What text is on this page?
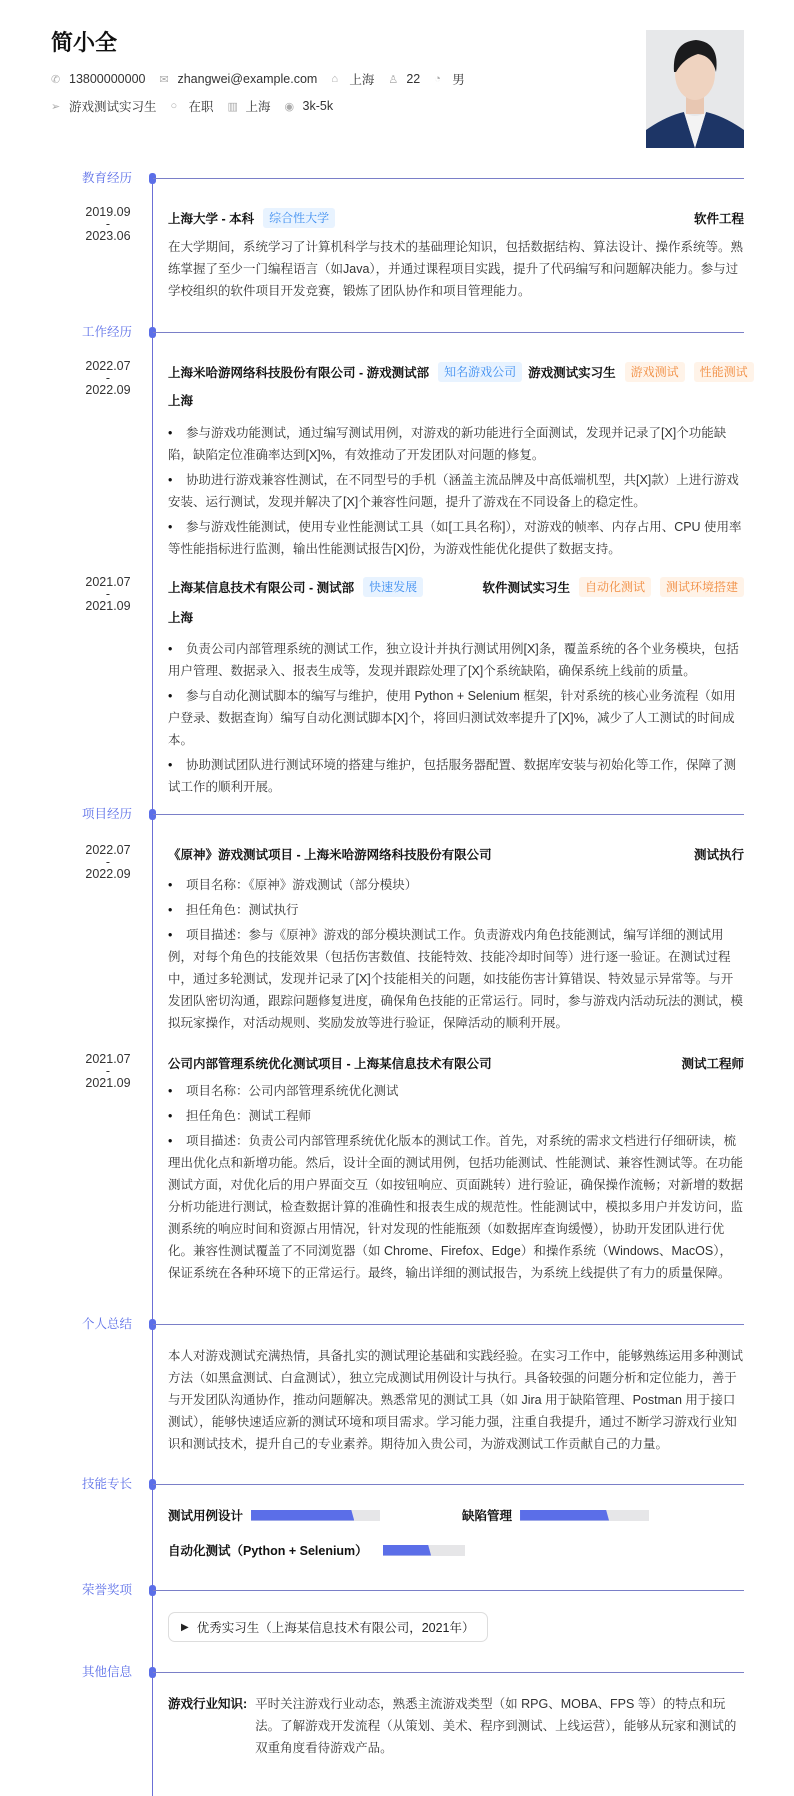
简小全
✆ 13800000000 ✉ zhangwei@example.com ⌂ 上海 ♙ 22 ◔ 男
➢ 游戏测试实习生 ○ 在职 ▥ 上海 ◉ 3k-5k
教育经历
2019.09
-
2023.06
上海大学 - 本科	综合性大学	软件工程
在大学期间，系统学习了计算机科学与技术的基础理论知识，包括数据结构、算法设计、操作系统等。熟练掌握了至少一门编程语言（如Java），并通过课程项目实践，提升了代码编写和问题解决能力。参与过学校组织的软件项目开发竞赛，锻炼了团队协作和项目管理能力。
工作经历
2022.07
-
2022.09
上海米哈游网络科技股份有限公司 - 游戏测试部	知名游戏公司 游戏测试实习生	游戏测试	性能测试
上海
• 参与游戏功能测试，通过编写测试用例，对游戏的新功能进行全面测试，发现并记录了[X]个功能缺陷，缺陷定位准确率达到[X]%，有效推动了开发团队对问题的修复。
• 协助进行游戏兼容性测试，在不同型号的手机（涵盖主流品牌及中高低端机型，共[X]款）上进行游戏安装、运行测试，发现并解决了[X]个兼容性问题，提升了游戏在不同设备上的稳定性。
• 参与游戏性能测试，使用专业性能测试工具（如[工具名称]），对游戏的帧率、内存占用、CPU 使用率等性能指标进行监测，输出性能测试报告[X]份，为游戏性能优化提供了数据支持。
2021.07
-
2021.09
上海某信息技术有限公司 - 测试部	快速发展	软件测试实习生	自动化测试	测试环境搭建
上海
• 负责公司内部管理系统的测试工作，独立设计并执行测试用例[X]条，覆盖系统的各个业务模块，包括用户管理、数据录入、报表生成等，发现并跟踪处理了[X]个系统缺陷，确保系统上线前的质量。
• 参与自动化测试脚本的编写与维护，使用 Python + Selenium 框架，针对系统的核心业务流程（如用户登录、数据查询）编写自动化测试脚本[X]个，将回归测试效率提升了[X]%，减少了人工测试的时间成本。
• 协助测试团队进行测试环境的搭建与维护，包括服务器配置、数据库安装与初始化等工作，保障了测试工作的顺利开展。
项目经历
2022.07
-
2022.09
《原神》游戏测试项目 - 上海米哈游网络科技股份有限公司	测试执行
• 项目名称：《原神》游戏测试（部分模块）
• 担任角色：测试执行
• 项目描述：参与《原神》游戏的部分模块测试工作。负责游戏内角色技能测试，编写详细的测试用例，对每个角色的技能效果（包括伤害数值、技能特效、技能冷却时间等）进行逐一验证。在测试过程中，通过多轮测试，发现并记录了[X]个技能相关的问题，如技能伤害计算错误、特效显示异常等。与开发团队密切沟通，跟踪问题修复进度，确保角色技能的正常运行。同时，参与游戏内活动玩法的测试，模拟玩家操作，对活动规则、奖励发放等进行验证，保障活动的顺利开展。
2021.07
-
2021.09
公司内部管理系统优化测试项目 - 上海某信息技术有限公司	测试工程师
• 项目名称：公司内部管理系统优化测试
• 担任角色：测试工程师
• 项目描述：负责公司内部管理系统优化版本的测试工作。首先，对系统的需求文档进行仔细研读，梳理出优化点和新增功能。然后，设计全面的测试用例，包括功能测试、性能测试、兼容性测试等。在功能测试方面，对优化后的用户界面交互（如按钮响应、页面跳转）进行验证，确保操作流畅；对新增的数据分析功能进行测试，检查数据计算的准确性和报表生成的规范性。性能测试中，模拟多用户并发访问，监测系统的响应时间和资源占用情况，针对发现的性能瓶颈（如数据库查询缓慢），协助开发团队进行优化。兼容性测试覆盖了不同浏览器（如 Chrome、Firefox、Edge）和操作系统（Windows、MacOS），保证系统在各种环境下的正常运行。最终，输出详细的测试报告，为系统上线提供了有力的质量保障。
个人总结
本人对游戏测试充满热情，具备扎实的测试理论基础和实践经验。在实习工作中，能够熟练运用多种测试方法（如黑盒测试、白盒测试），独立完成测试用例设计与执行。具备较强的问题分析和定位能力，善于与开发团队沟通协作，推动问题解决。熟悉常见的测试工具（如 Jira 用于缺陷管理、Postman 用于接口测试），能够快速适应新的测试环境和项目需求。学习能力强，注重自我提升，通过不断学习游戏行业知识和测试技术，提升自己的专业素养。期待加入贵公司，为游戏测试工作贡献自己的力量。
技能专长
测试用例设计	缺陷管理
自动化测试（Python + Selenium）
荣誉奖项
▶ 优秀实习生（上海某信息技术有限公司，2021年）
其他信息
游戏行业知识: 平时关注游戏行业动态，熟悉主流游戏类型（如 RPG、MOBA、FPS 等）的特点和玩法。了解游戏开发流程（从策划、美术、程序到测试、上线运营），能够从玩家和测试的双重角度看待游戏产品。
